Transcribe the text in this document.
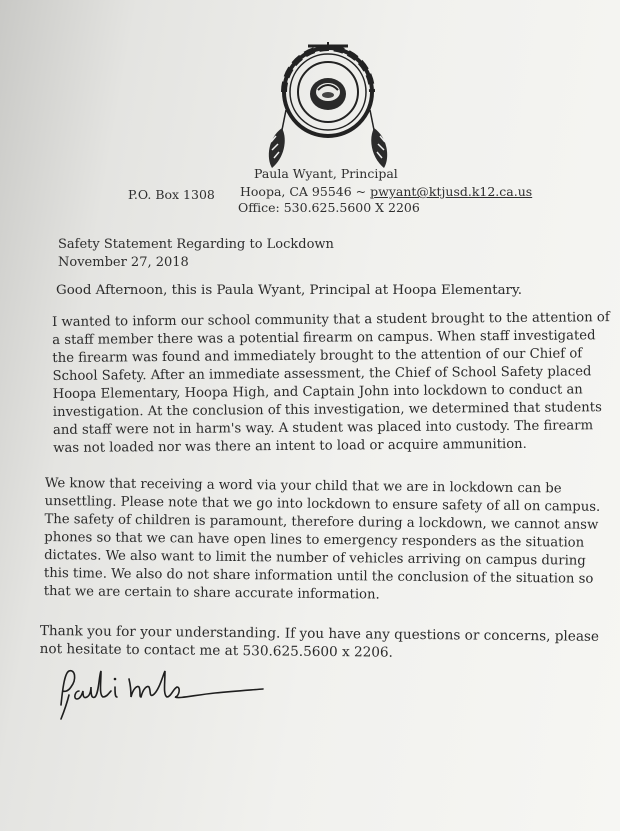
Paula Wyant, Principal
P.O. Box 1308 Hoopa, CA 95546 ~ pwyant@ktjusd.k12.ca.us
Office: 530.625.5600 X 2206
Safety Statement Regarding to Lockdown
November 27, 2018
Good Afternoon, this is Paula Wyant, Principal at Hoopa Elementary.
I wanted to inform our school community that a student brought to the attention of
a staff member there was a potential firearm on campus. When staff investigated
the firearm was found and immediately brought to the attention of our Chief of
School Safety. After an immediate assessment, the Chief of School Safety placed
Hoopa Elementary, Hoopa High, and Captain John into lockdown to conduct an
investigation. At the conclusion of this investigation, we determined that students
and staff were not in harm's way. A student was placed into custody. The firearm
was not loaded nor was there an intent to load or acquire ammunition.
We know that receiving a word via your child that we are in lockdown can be
unsettling. Please note that we go into lockdown to ensure safety of all on campus.
The safety of children is paramount, therefore during a lockdown, we cannot answ
phones so that we can have open lines to emergency responders as the situation
dictates. We also want to limit the number of vehicles arriving on campus during
this time. We also do not share information until the conclusion of the situation so
that we are certain to share accurate information.
Thank you for your understanding. If you have any questions or concerns, please
not hesitate to contact me at 530.625.5600 x 2206.
